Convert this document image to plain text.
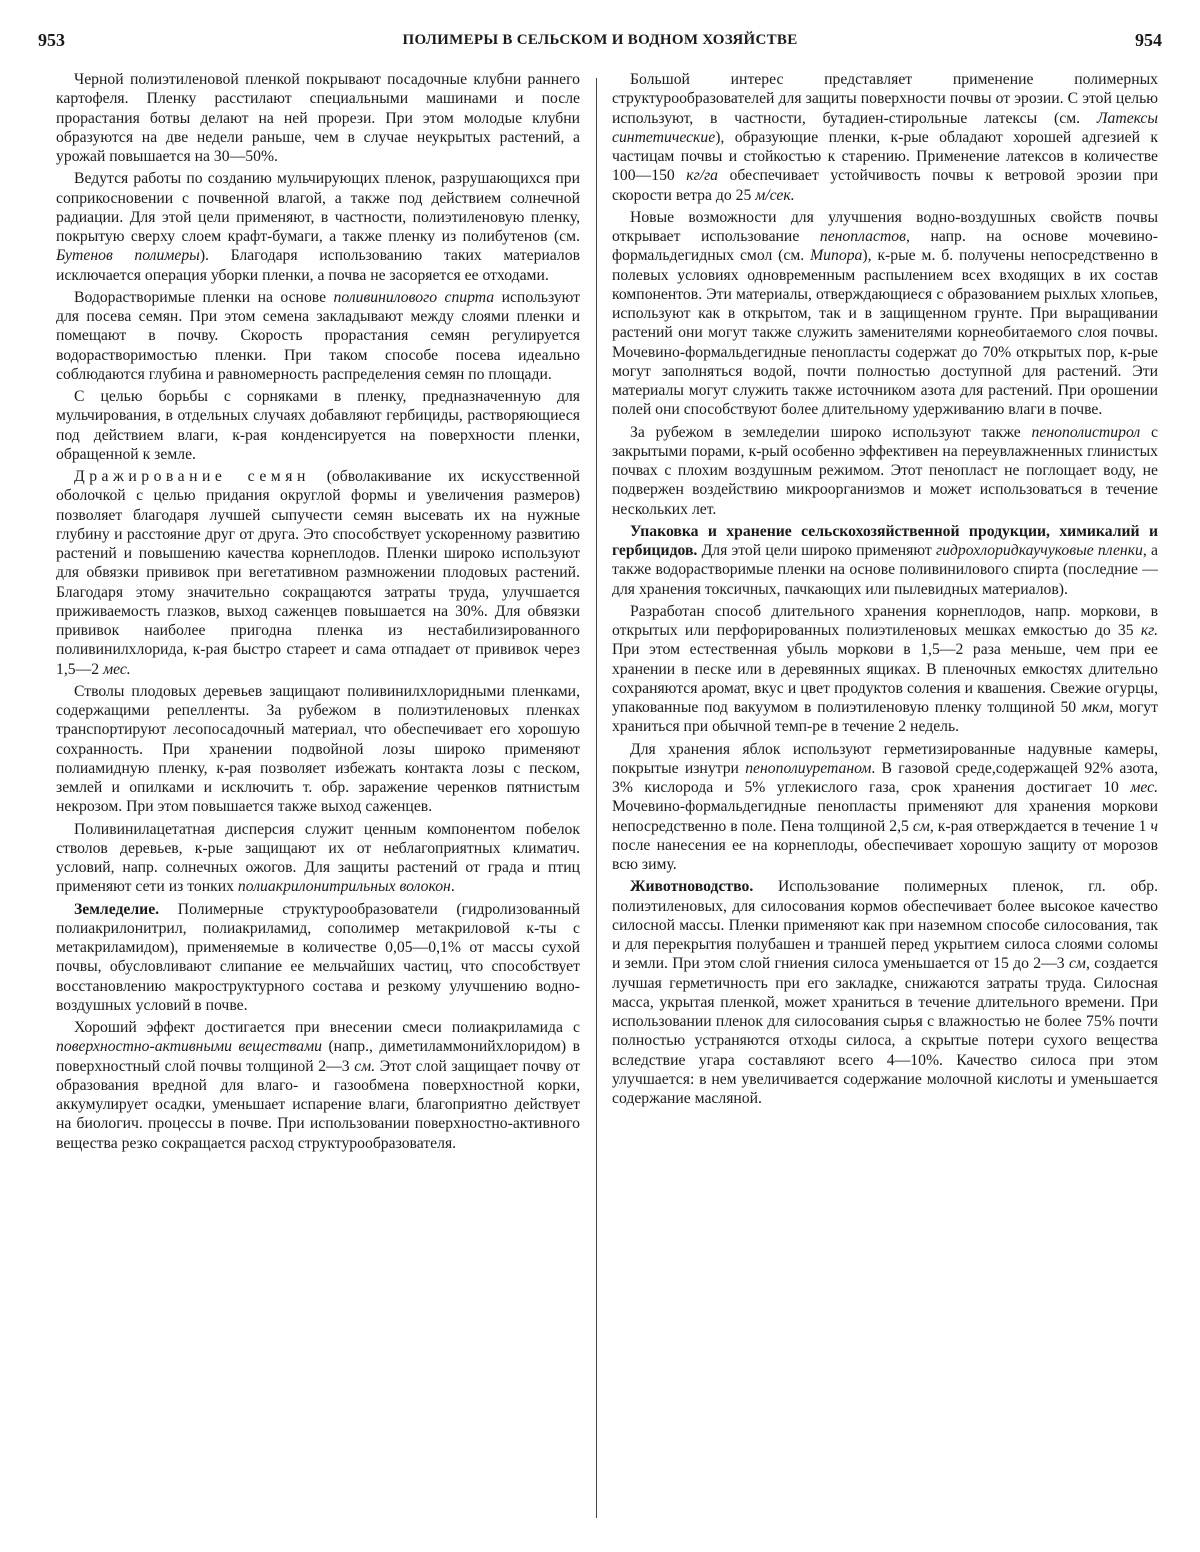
953	ПОЛИМЕРЫ В СЕЛЬСКОМ И ВОДНОМ ХОЗЯЙСТВЕ	954

Черной полиэтиленовой пленкой покрывают посадочные клубни раннего картофеля. Пленку расстилают специальными машинами и после прорастания ботвы делают на ней прорези. При этом молодые клубни образуются на две недели раньше, чем в случае неукрытых растений, а урожай повышается на 30—50%.

Ведутся работы по созданию мульчирующих пленок, разрушающихся при соприкосновении с почвенной влагой, а также под действием солнечной радиации. Для этой цели применяют, в частности, полиэтиленовую пленку, покрытую сверху слоем крафт-бумаги, а также пленку из полибутенов (см. Бутенов полимеры). Благодаря использованию таких материалов исключается операция уборки пленки, а почва не засоряется ее отходами.

Водорастворимые пленки на основе поливинилового спирта используют для посева семян. При этом семена закладывают между слоями пленки и помещают в почву. Скорость прорастания семян регулируется водорастворимостью пленки. При таком способе посева идеально соблюдаются глубина и равномерность распределения семян по площади.

С целью борьбы с сорняками в пленку, предназначенную для мульчирования, в отдельных случаях добавляют гербициды, растворяющиеся под действием влаги, к-рая конденсируется на поверхности пленки, обращенной к земле.

Дражирование семян (обволакивание их искусственной оболочкой с целью придания округлой формы и увеличения размеров) позволяет благодаря лучшей сыпучести семян высевать их на нужные глубину и расстояние друг от друга. Это способствует ускоренному развитию растений и повышению качества корнеплодов. Пленки широко используют для обвязки прививок при вегетативном размножении плодовых растений. Благодаря этому значительно сокращаются затраты труда, улучшается приживаемость глазков, выход саженцев повышается на 30%. Для обвязки прививок наиболее пригодна пленка из нестабилизированного поливинилхлорида, к-рая быстро стареет и сама отпадает от прививок через 1,5—2 мес.

Стволы плодовых деревьев защищают поливинилхлоридными пленками, содержащими репелленты. За рубежом в полиэтиленовых пленках транспортируют лесопосадочный материал, что обеспечивает его хорошую сохранность. При хранении подвойной лозы широко применяют полиамидную пленку, к-рая позволяет избежать контакта лозы с песком, землей и опилками и исключить т. обр. заражение черенков пятнистым некрозом. При этом повышается также выход саженцев.

Поливинилацетатная дисперсия служит ценным компонентом побелок стволов деревьев, к-рые защищают их от неблагоприятных климатич. условий, напр. солнечных ожогов. Для защиты растений от града и птиц применяют сети из тонких полиакрилонитрильных волокон.

Земледелие. Полимерные структурообразователи (гидролизованный полиакрилонитрил, полиакриламид, сополимер метакриловой к-ты с метакриламидом), применяемые в количестве 0,05—0,1% от массы сухой почвы, обусловливают слипание ее мельчайших частиц, что способствует восстановлению макроструктурного состава и резкому улучшению водно-воздушных условий в почве.

Хороший эффект достигается при внесении смеси полиакриламида с поверхностно-активными веществами (напр., диметиламмонийхлоридом) в поверхностный слой почвы толщиной 2—3 см. Этот слой защищает почву от образования вредной для влаго- и газообмена поверхностной корки, аккумулирует осадки, уменьшает испарение влаги, благоприятно действует на биологич. процессы в почве. При использовании поверхностно-активного вещества резко сокращается расход структурообразователя.

Большой интерес представляет применение полимерных структурообразователей для защиты поверхности почвы от эрозии. С этой целью используют, в частности, бутадиен-стирольные латексы (см. Латексы синтетические), образующие пленки, к-рые обладают хорошей адгезией к частицам почвы и стойкостью к старению. Применение латексов в количестве 100—150 кг/га обеспечивает устойчивость почвы к ветровой эрозии при скорости ветра до 25 м/сек.

Новые возможности для улучшения водно-воздушных свойств почвы открывает использование пенопластов, напр. на основе мочевино-формальдегидных смол (см. Мипора), к-рые м. б. получены непосредственно в полевых условиях одновременным распылением всех входящих в их состав компонентов. Эти материалы, отверждающиеся с образованием рыхлых хлопьев, используют как в открытом, так и в защищенном грунте. При выращивании растений они могут также служить заменителями корнеобитаемого слоя почвы. Мочевино-формальдегидные пенопласты содержат до 70% открытых пор, к-рые могут заполняться водой, почти полностью доступной для растений. Эти материалы могут служить также источником азота для растений. При орошении полей они способствуют более длительному удерживанию влаги в почве.

За рубежом в земледелии широко используют также пенополистирол с закрытыми порами, к-рый особенно эффективен на переувлажненных глинистых почвах с плохим воздушным режимом. Этот пенопласт не поглощает воду, не подвержен воздействию микроорганизмов и может использоваться в течение нескольких лет.

Упаковка и хранение сельскохозяйственной продукции, химикалий и гербицидов. Для этой цели широко применяют гидрохлоридкаучуковые пленки, а также водорастворимые пленки на основе поливинилового спирта (последние — для хранения токсичных, пачкающих или пылевидных материалов).

Разработан способ длительного хранения корнеплодов, напр. моркови, в открытых или перфорированных полиэтиленовых мешках емкостью до 35 кг. При этом естественная убыль моркови в 1,5—2 раза меньше, чем при ее хранении в песке или в деревянных ящиках. В пленочных емкостях длительно сохраняются аромат, вкус и цвет продуктов соления и квашения. Свежие огурцы, упакованные под вакуумом в полиэтиленовую пленку толщиной 50 мкм, могут храниться при обычной темп-ре в течение 2 недель.

Для хранения яблок используют герметизированные надувные камеры, покрытые изнутри пенополиуретаном. В газовой среде,содержащей 92% азота, 3% кислорода и 5% углекислого газа, срок хранения достигает 10 мес. Мочевино-формальдегидные пенопласты применяют для хранения моркови непосредственно в поле. Пена толщиной 2,5 см, к-рая отверждается в течение 1 ч после нанесения ее на корнеплоды, обеспечивает хорошую защиту от морозов всю зиму.

Животноводство. Использование полимерных пленок, гл. обр. полиэтиленовых, для силосования кормов обеспечивает более высокое качество силосной массы. Пленки применяют как при наземном способе силосования, так и для перекрытия полубашен и траншей перед укрытием силоса слоями соломы и земли. При этом слой гниения силоса уменьшается от 15 до 2—3 см, создается лучшая герметичность при его закладке, снижаются затраты труда. Силосная масса, укрытая пленкой, может храниться в течение длительного времени. При использовании пленок для силосования сырья с влажностью не более 75% почти полностью устраняются отходы силоса, а скрытые потери сухого вещества вследствие угара составляют всего 4—10%. Качество силоса при этом улучшается: в нем увеличивается содержание молочной кислоты и уменьшается содержание масляной.
